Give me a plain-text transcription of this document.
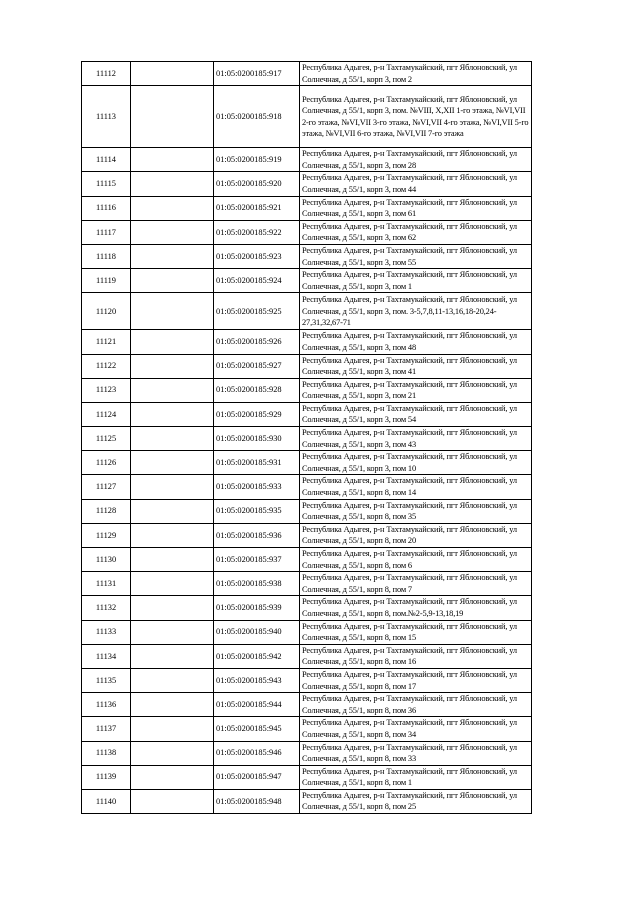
11112		01:05:0200185:917	Республика Адыгея, р-н Тахтамукайский, пгт Яблоновский, ул Солнечная, д 55/1, корп 3, пом 2
11113		01:05:0200185:918	Республика Адыгея, р-н Тахтамукайский, пгт Яблоновский, ул Солнечная, д 55/1, корп 3, пом. №VIII, X,XII 1-го этажа, №VI,VII 2-го этажа, №VI,VII 3-го этажа, №VI,VII 4-го этажа, №VI,VII 5-го этажа, №VI,VII 6-го этажа, №VI,VII 7-го этажа
11114		01:05:0200185:919	Республика Адыгея, р-н Тахтамукайский, пгт Яблоновский, ул Солнечная, д 55/1, корп 3, пом 28
11115		01:05:0200185:920	Республика Адыгея, р-н Тахтамукайский, пгт Яблоновский, ул Солнечная, д 55/1, корп 3, пом 44
11116		01:05:0200185:921	Республика Адыгея, р-н Тахтамукайский, пгт Яблоновский, ул Солнечная, д 55/1, корп 3, пом 61
11117		01:05:0200185:922	Республика Адыгея, р-н Тахтамукайский, пгт Яблоновский, ул Солнечная, д 55/1, корп 3, пом 62
11118		01:05:0200185:923	Республика Адыгея, р-н Тахтамукайский, пгт Яблоновский, ул Солнечная, д 55/1, корп 3, пом 55
11119		01:05:0200185:924	Республика Адыгея, р-н Тахтамукайский, пгт Яблоновский, ул Солнечная, д 55/1, корп 3, пом 1
11120		01:05:0200185:925	Республика Адыгея, р-н Тахтамукайский, пгт Яблоновский, ул Солнечная, д 55/1, корп 3, пом. 3-5,7,8,11-13,16,18-20,24-27,31,32,67-71
11121		01:05:0200185:926	Республика Адыгея, р-н Тахтамукайский, пгт Яблоновский, ул Солнечная, д 55/1, корп 3, пом 48
11122		01:05:0200185:927	Республика Адыгея, р-н Тахтамукайский, пгт Яблоновский, ул Солнечная, д 55/1, корп 3, пом 41
11123		01:05:0200185:928	Республика Адыгея, р-н Тахтамукайский, пгт Яблоновский, ул Солнечная, д 55/1, корп 3, пом 21
11124		01:05:0200185:929	Республика Адыгея, р-н Тахтамукайский, пгт Яблоновский, ул Солнечная, д 55/1, корп 3, пом 54
11125		01:05:0200185:930	Республика Адыгея, р-н Тахтамукайский, пгт Яблоновский, ул Солнечная, д 55/1, корп 3, пом 43
11126		01:05:0200185:931	Республика Адыгея, р-н Тахтамукайский, пгт Яблоновский, ул Солнечная, д 55/1, корп 3, пом 10
11127		01:05:0200185:933	Республика Адыгея, р-н Тахтамукайский, пгт Яблоновский, ул Солнечная, д 55/1, корп 8, пом 14
11128		01:05:0200185:935	Республика Адыгея, р-н Тахтамукайский, пгт Яблоновский, ул Солнечная, д 55/1, корп 8, пом 35
11129		01:05:0200185:936	Республика Адыгея, р-н Тахтамукайский, пгт Яблоновский, ул Солнечная, д 55/1, корп 8, пом 20
11130		01:05:0200185:937	Республика Адыгея, р-н Тахтамукайский, пгт Яблоновский, ул Солнечная, д 55/1, корп 8, пом 6
11131		01:05:0200185:938	Республика Адыгея, р-н Тахтамукайский, пгт Яблоновский, ул Солнечная, д 55/1, корп 8, пом 7
11132		01:05:0200185:939	Республика Адыгея, р-н Тахтамукайский, пгт Яблоновский, ул Солнечная, д 55/1, корп 8, пом.№2-5,9-13,18,19
11133		01:05:0200185:940	Республика Адыгея, р-н Тахтамукайский, пгт Яблоновский, ул Солнечная, д 55/1, корп 8, пом 15
11134		01:05:0200185:942	Республика Адыгея, р-н Тахтамукайский, пгт Яблоновский, ул Солнечная, д 55/1, корп 8, пом 16
11135		01:05:0200185:943	Республика Адыгея, р-н Тахтамукайский, пгт Яблоновский, ул Солнечная, д 55/1, корп 8, пом 17
11136		01:05:0200185:944	Республика Адыгея, р-н Тахтамукайский, пгт Яблоновский, ул Солнечная, д 55/1, корп 8, пом 36
11137		01:05:0200185:945	Республика Адыгея, р-н Тахтамукайский, пгт Яблоновский, ул Солнечная, д 55/1, корп 8, пом 34
11138		01:05:0200185:946	Республика Адыгея, р-н Тахтамукайский, пгт Яблоновский, ул Солнечная, д 55/1, корп 8, пом 33
11139		01:05:0200185:947	Республика Адыгея, р-н Тахтамукайский, пгт Яблоновский, ул Солнечная, д 55/1, корп 8, пом 1
11140		01:05:0200185:948	Республика Адыгея, р-н Тахтамукайский, пгт Яблоновский, ул Солнечная, д 55/1, корп 8, пом 25
